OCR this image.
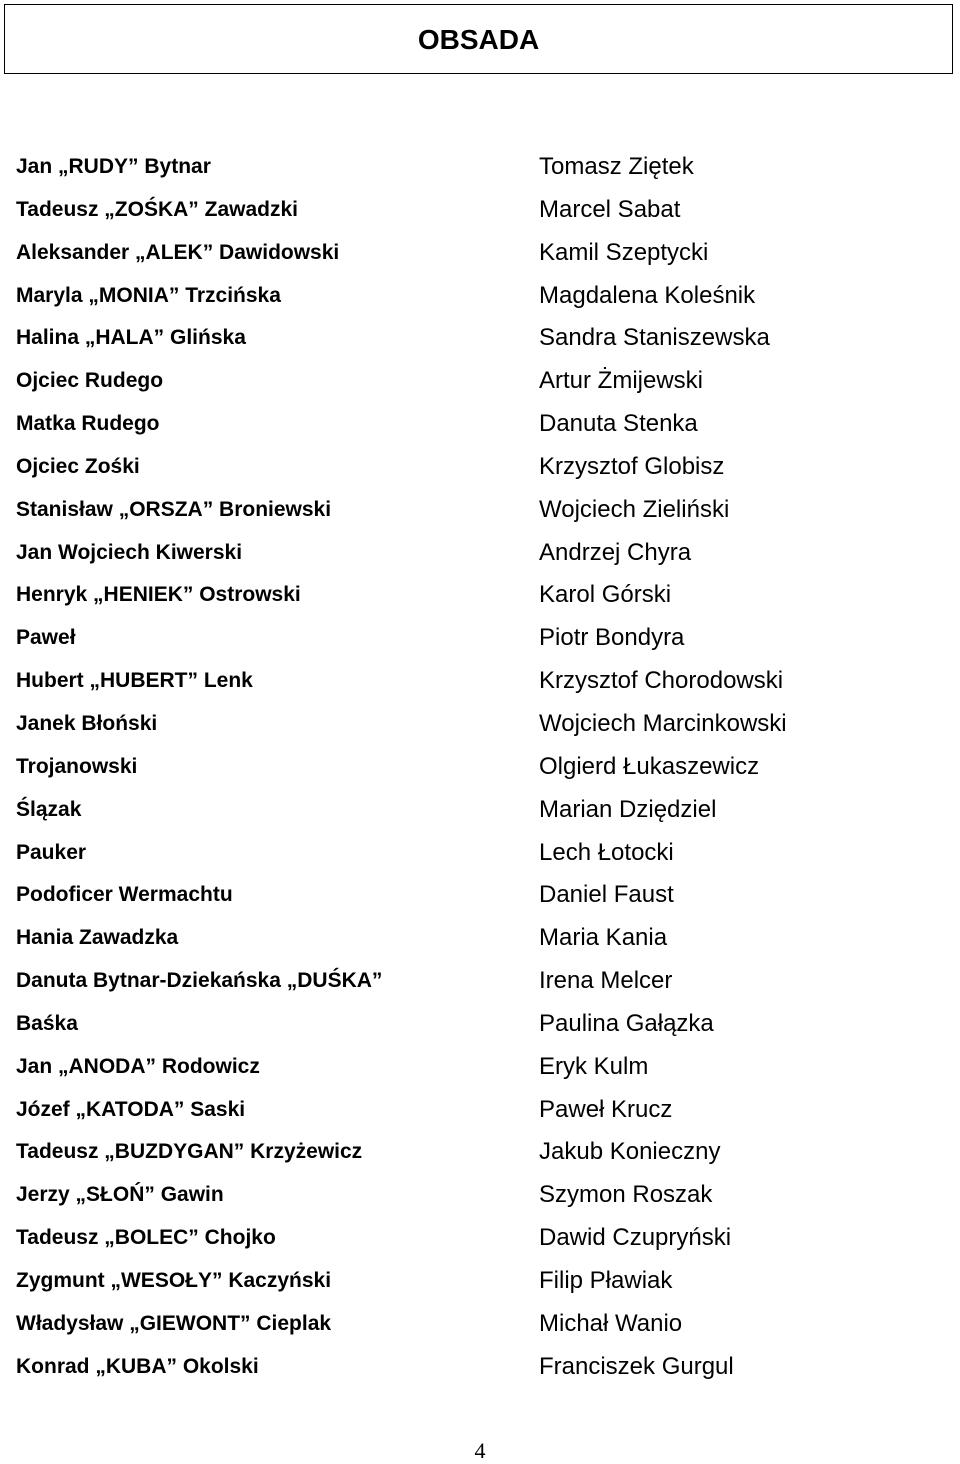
OBSADA
Jan „RUDY” Bytnar	Tomasz Ziętek
Tadeusz „ZOŚKA” Zawadzki	Marcel Sabat
Aleksander „ALEK” Dawidowski	Kamil Szeptycki
Maryla „MONIA” Trzcińska	Magdalena Koleśnik
Halina „HALA” Glińska	Sandra Staniszewska
Ojciec Rudego	Artur Żmijewski
Matka Rudego	Danuta Stenka
Ojciec Zośki	Krzysztof Globisz
Stanisław „ORSZA” Broniewski	Wojciech Zieliński
Jan Wojciech Kiwerski	Andrzej Chyra
Henryk „HENIEK” Ostrowski	Karol Górski
Paweł	Piotr Bondyra
Hubert „HUBERT” Lenk	Krzysztof Chorodowski
Janek Błoński	Wojciech Marcinkowski
Trojanowski	Olgierd Łukaszewicz
Ślązak	Marian Dziędziel
Pauker	Lech Łotocki
Podoficer Wermachtu	Daniel Faust
Hania Zawadzka	Maria Kania
Danuta Bytnar-Dziekańska „DUŚKA”	Irena Melcer
Baśka	Paulina Gałązka
Jan „ANODA” Rodowicz	Eryk Kulm
Józef „KATODA” Saski	Paweł Krucz
Tadeusz „BUZDYGAN” Krzyżewicz	Jakub Konieczny
Jerzy „SŁOŃ” Gawin	Szymon Roszak
Tadeusz „BOLEC” Chojko	Dawid Czupryński
Zygmunt „WESOŁY” Kaczyński	Filip Pławiak
Władysław „GIEWONT” Cieplak	Michał Wanio
Konrad „KUBA” Okolski	Franciszek Gurgul
4
